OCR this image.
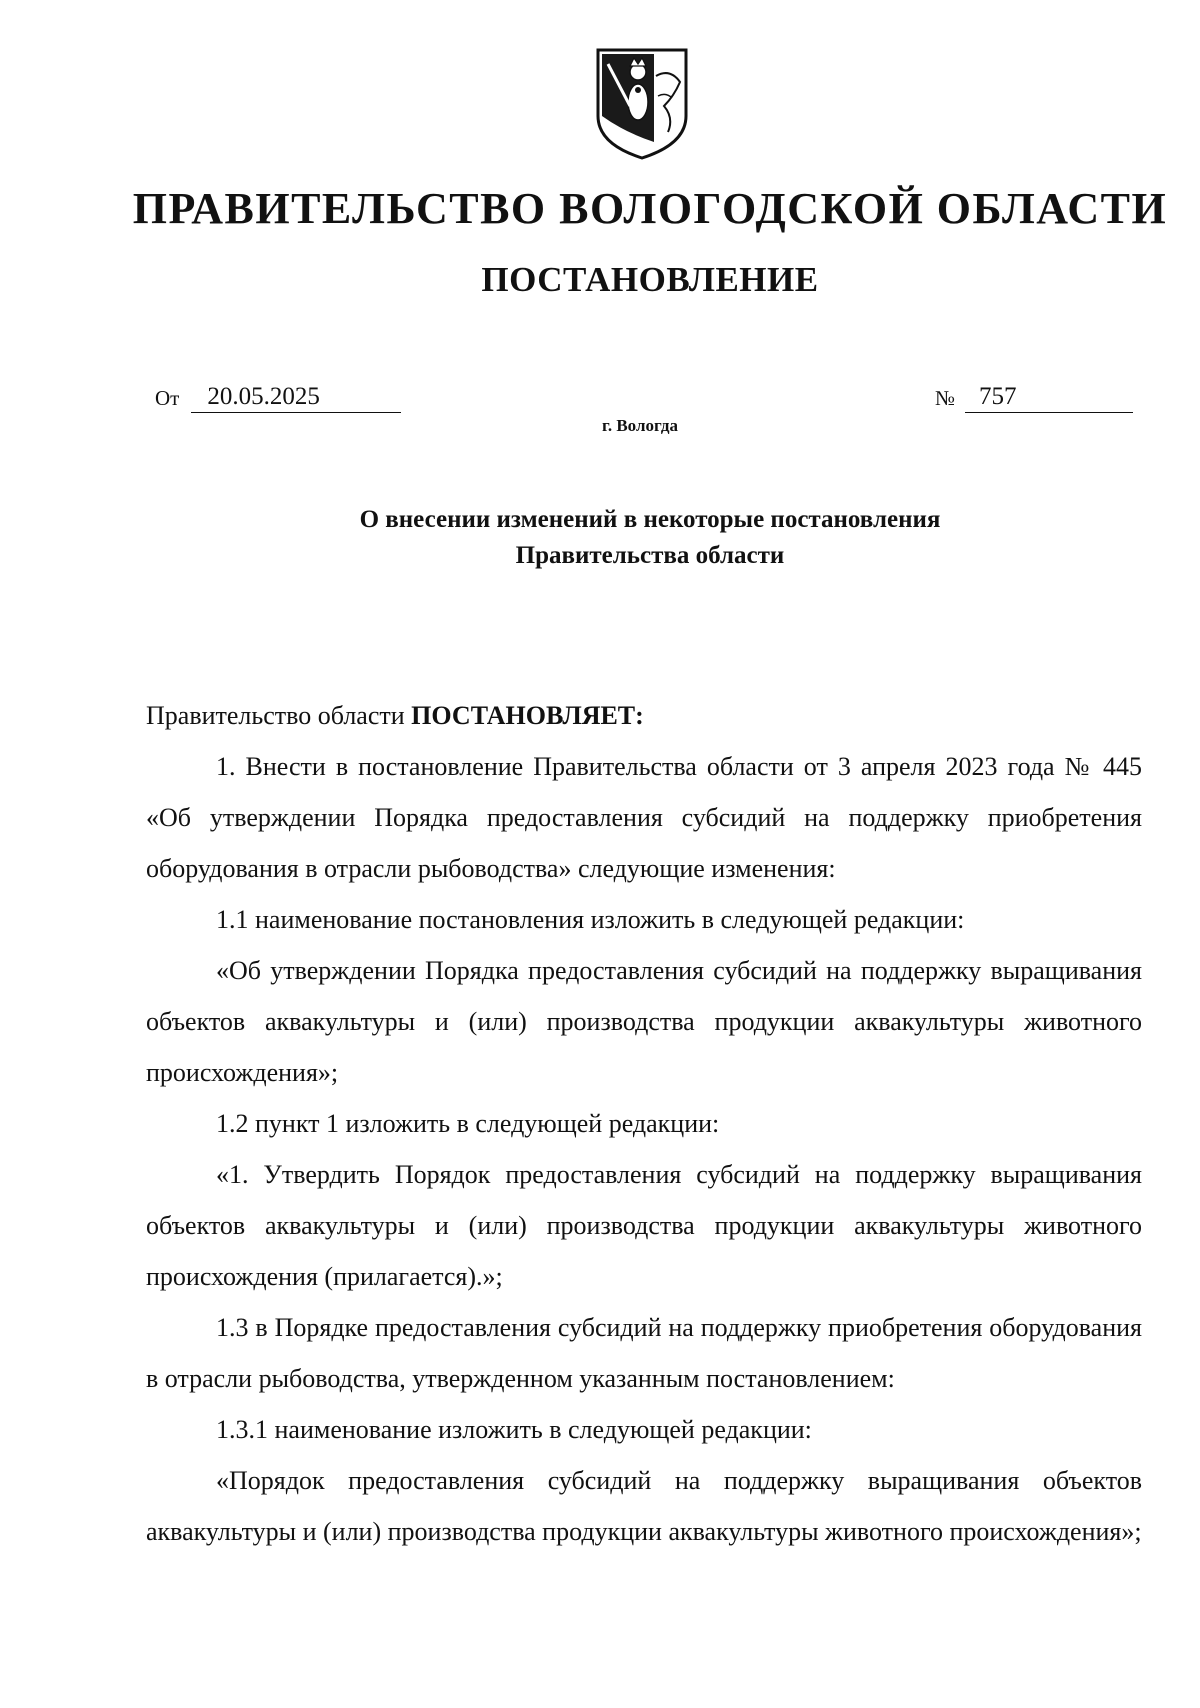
ПРАВИТЕЛЬСТВО ВОЛОГОДСКОЙ ОБЛАСТИ
ПОСТАНОВЛЕНИЕ
От	20.05.2025	№ 757
г. Вологда
О внесении изменений в некоторые постановления
Правительства области

Правительство области ПОСТАНОВЛЯЕТ:

1. Внести в постановление Правительства области от 3 апреля 2023 года № 445 «Об утверждении Порядка предоставления субсидий на поддержку приобретения оборудования в отрасли рыбоводства» следующие изменения:

1.1 наименование постановления изложить в следующей редакции:

«Об утверждении Порядка предоставления субсидий на поддержку выращивания объектов аквакультуры и (или) производства продукции аквакультуры животного происхождения»;

1.2 пункт 1 изложить в следующей редакции:

«1. Утвердить Порядок предоставления субсидий на поддержку выращивания объектов аквакультуры и (или) производства продукции аквакультуры животного происхождения (прилагается).»;

1.3 в Порядке предоставления субсидий на поддержку приобретения оборудования в отрасли рыбоводства, утвержденном указанным постановлением:

1.3.1 наименование изложить в следующей редакции:

«Порядок предоставления субсидий на поддержку выращивания объектов аквакультуры и (или) производства продукции аквакультуры животного происхождения»;
